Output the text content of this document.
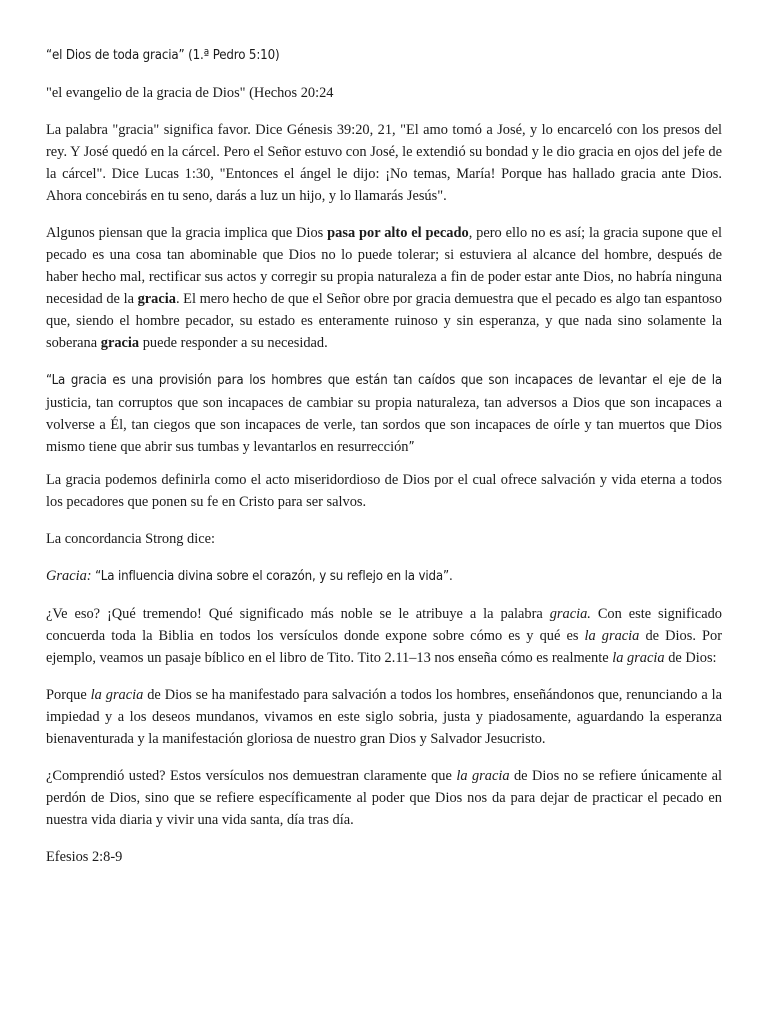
“el Dios de toda gracia” (1.ª Pedro 5:10)

"el evangelio de la gracia de Dios" (Hechos 20:24

La palabra "gracia" significa favor. Dice Génesis 39:20, 21, "El amo tomó a José, y lo encarceló con los presos del rey. Y José quedó en la cárcel. Pero el Señor estuvo con José, le extendió su bondad y le dio gracia en ojos del jefe de la cárcel". Dice Lucas 1:30, "Entonces el ángel le dijo: ¡No temas, María! Porque has hallado gracia ante Dios. Ahora concebirás en tu seno, darás a luz un hijo, y lo llamarás Jesús".

Algunos piensan que la gracia implica que Dios pasa por alto el pecado, pero ello no es así; la gracia supone que el pecado es una cosa tan abominable que Dios no lo puede tolerar; si estuviera al alcance del hombre, después de haber hecho mal, rectificar sus actos y corregir su propia naturaleza a fin de poder estar ante Dios, no habría ninguna necesidad de la gracia. El mero hecho de que el Señor obre por gracia demuestra que el pecado es algo tan espantoso que, siendo el hombre pecador, su estado es enteramente ruinoso y sin esperanza, y que nada sino solamente la soberana gracia puede responder a su necesidad.

“La gracia es una provisión para los hombres que están tan caídos que son incapaces de levantar el eje de la justicia, tan corruptos que son incapaces de cambiar su propia naturaleza, tan adversos a Dios que son incapaces a volverse a Él, tan ciegos que son incapaces de verle, tan sordos que son incapaces de oírle y tan muertos que Dios mismo tiene que abrir sus tumbas y levantarlos en resurrección”

La gracia podemos definirla como el acto miseridordioso de Dios por el cual ofrece salvación y vida eterna a todos los pecadores que ponen su fe en Cristo para ser salvos.

La concordancia Strong dice:

Gracia: “La influencia divina sobre el corazón, y su reflejo en la vida”.

¿Ve eso? ¡Qué tremendo! Qué significado más noble se le atribuye a la palabra gracia. Con este significado concuerda toda la Biblia en todos los versículos donde expone sobre cómo es y qué es la gracia de Dios. Por ejemplo, veamos un pasaje bíblico en el libro de Tito. Tito 2.11–13 nos enseña cómo es realmente la gracia de Dios:

Porque la gracia de Dios se ha manifestado para salvación a todos los hombres, enseñándonos que, renunciando a la impiedad y a los deseos mundanos, vivamos en este siglo sobria, justa y piadosamente, aguardando la esperanza bienaventurada y la manifestación gloriosa de nuestro gran Dios y Salvador Jesucristo.

¿Comprendió usted? Estos versículos nos demuestran claramente que la gracia de Dios no se refiere únicamente al perdón de Dios, sino que se refiere específicamente al poder que Dios nos da para dejar de practicar el pecado en nuestra vida diaria y vivir una vida santa, día tras día.

Efesios 2:8-9
